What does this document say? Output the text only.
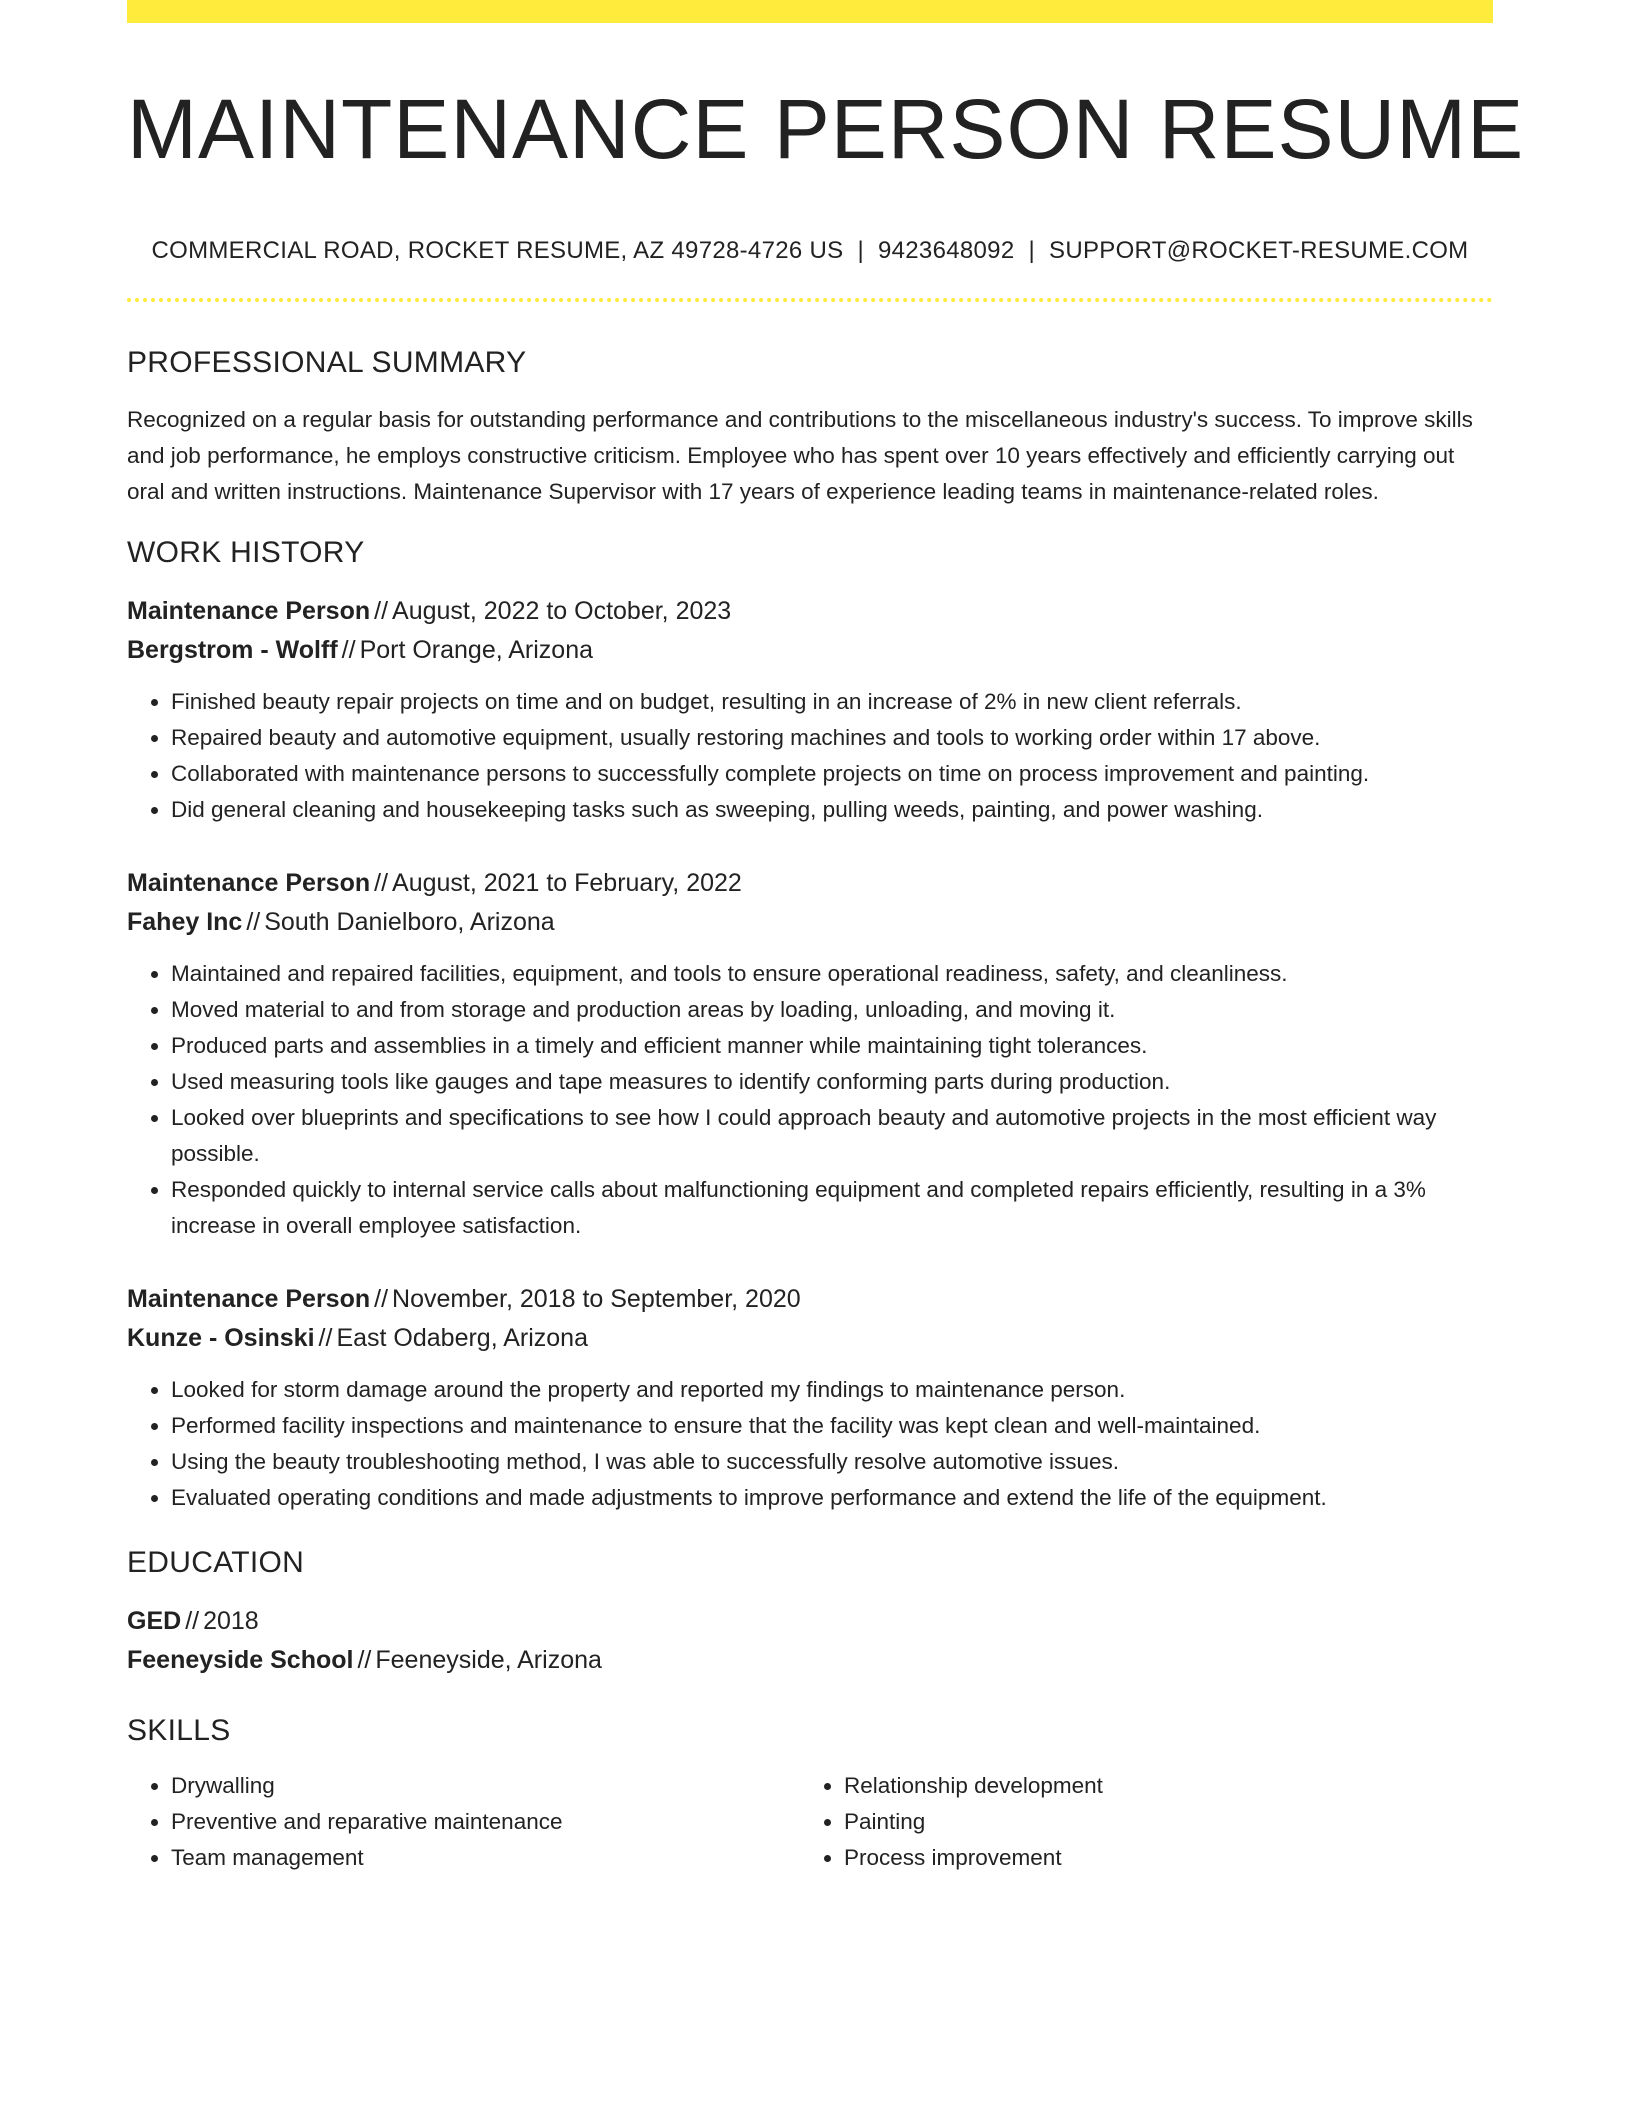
MAINTENANCE PERSON RESUME
COMMERCIAL ROAD, ROCKET RESUME, AZ 49728-4726 US | 9423648092 | SUPPORT@ROCKET-RESUME.COM
PROFESSIONAL SUMMARY

Recognized on a regular basis for outstanding performance and contributions to the miscellaneous industry's success. To improve skills and job performance, he employs constructive criticism. Employee who has spent over 10 years effectively and efficiently carrying out oral and written instructions. Maintenance Supervisor with 17 years of experience leading teams in maintenance-related roles.

WORK HISTORY
Maintenance Person // August, 2022 to October, 2023
Bergstrom - Wolff // Port Orange, Arizona
• Finished beauty repair projects on time and on budget, resulting in an increase of 2% in new client referrals.
• Repaired beauty and automotive equipment, usually restoring machines and tools to working order within 17 above.
• Collaborated with maintenance persons to successfully complete projects on time on process improvement and painting.
• Did general cleaning and housekeeping tasks such as sweeping, pulling weeds, painting, and power washing.
Maintenance Person // August, 2021 to February, 2022
Fahey Inc // South Danielboro, Arizona
• Maintained and repaired facilities, equipment, and tools to ensure operational readiness, safety, and cleanliness.
• Moved material to and from storage and production areas by loading, unloading, and moving it.
• Produced parts and assemblies in a timely and efficient manner while maintaining tight tolerances.
• Used measuring tools like gauges and tape measures to identify conforming parts during production.
• Looked over blueprints and specifications to see how I could approach beauty and automotive projects in the most efficient way possible.
• Responded quickly to internal service calls about malfunctioning equipment and completed repairs efficiently, resulting in a 3% increase in overall employee satisfaction.
Maintenance Person // November, 2018 to September, 2020
Kunze - Osinski // East Odaberg, Arizona
• Looked for storm damage around the property and reported my findings to maintenance person.
• Performed facility inspections and maintenance to ensure that the facility was kept clean and well-maintained.
• Using the beauty troubleshooting method, I was able to successfully resolve automotive issues.
• Evaluated operating conditions and made adjustments to improve performance and extend the life of the equipment.
EDUCATION
GED // 2018
Feeneyside School // Feeneyside, Arizona
SKILLS
• Drywalling
• Preventive and reparative maintenance
• Team management
• Relationship development
• Painting
• Process improvement
